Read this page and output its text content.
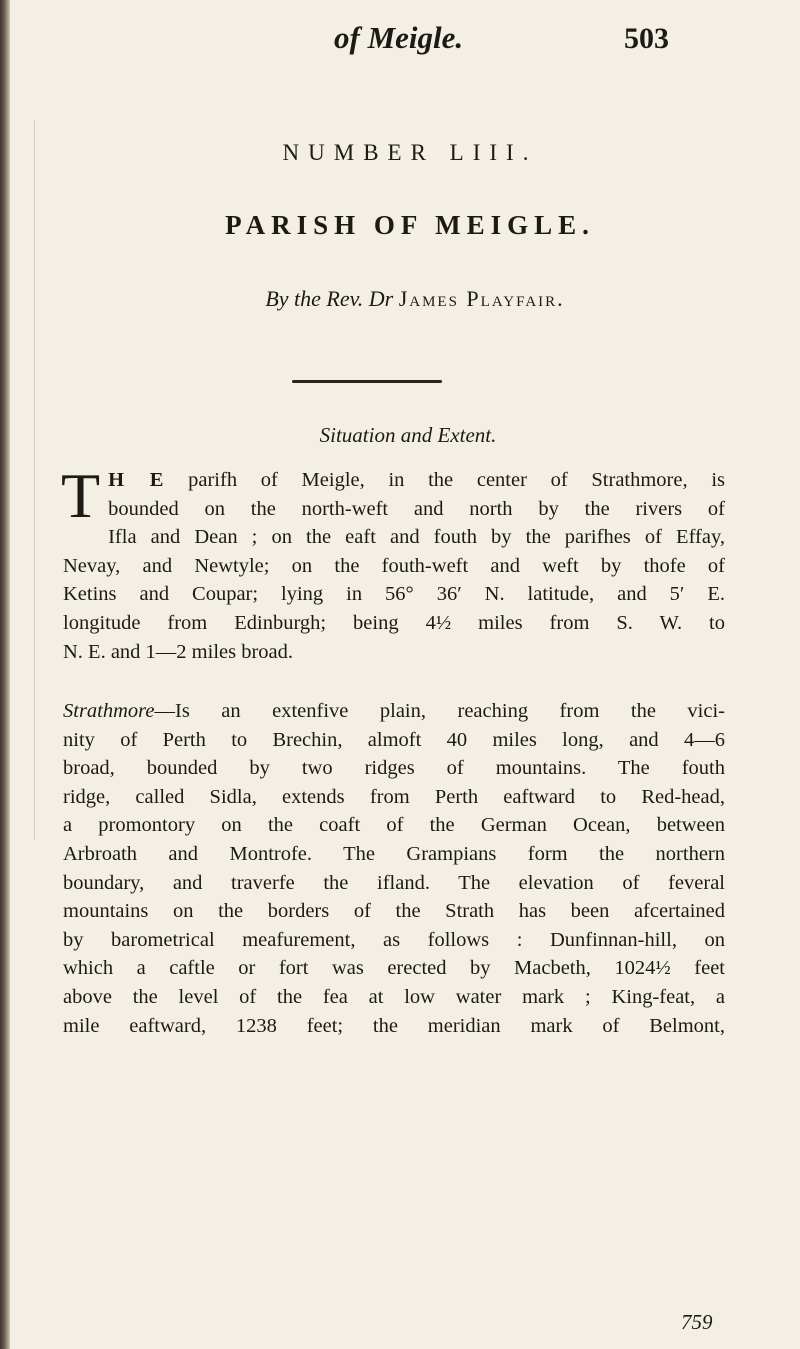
of Meigle.	503
NUMBER LIII.
PARISH OF MEIGLE.
By the Rev. Dr James Playfair.
Situation and Extent.
T H E parifh of Meigle, in the center of Strathmore, is
bounded on the north-weft and north by the rivers of
Ifla and Dean ; on the eaft and fouth by the parifhes of Effay,
Nevay, and Newtyle; on the fouth-weft and weft by thofe of
Ketins and Coupar; lying in 56° 36′ N. latitude, and 5′ E.
longitude from Edinburgh; being 4½ miles from S. W. to
N. E. and 1—2 miles broad.
Strathmore—Is an extenfive plain, reaching from the vici-
nity of Perth to Brechin, almoft 40 miles long, and 4—6
broad, bounded by two ridges of mountains. The fouth
ridge, called Sidla, extends from Perth eaftward to Red-head,
a promontory on the coaft of the German Ocean, between
Arbroath and Montrofe. The Grampians form the northern
boundary, and traverfe the ifland. The elevation of feveral
mountains on the borders of the Strath has been afcertained
by barometrical meafurement, as follows : Dunfinnan-hill, on
which a caftle or fort was erected by Macbeth, 1024½ feet
above the level of the fea at low water mark ; King-feat, a
mile eaftward, 1238 feet; the meridian mark of Belmont,
759
